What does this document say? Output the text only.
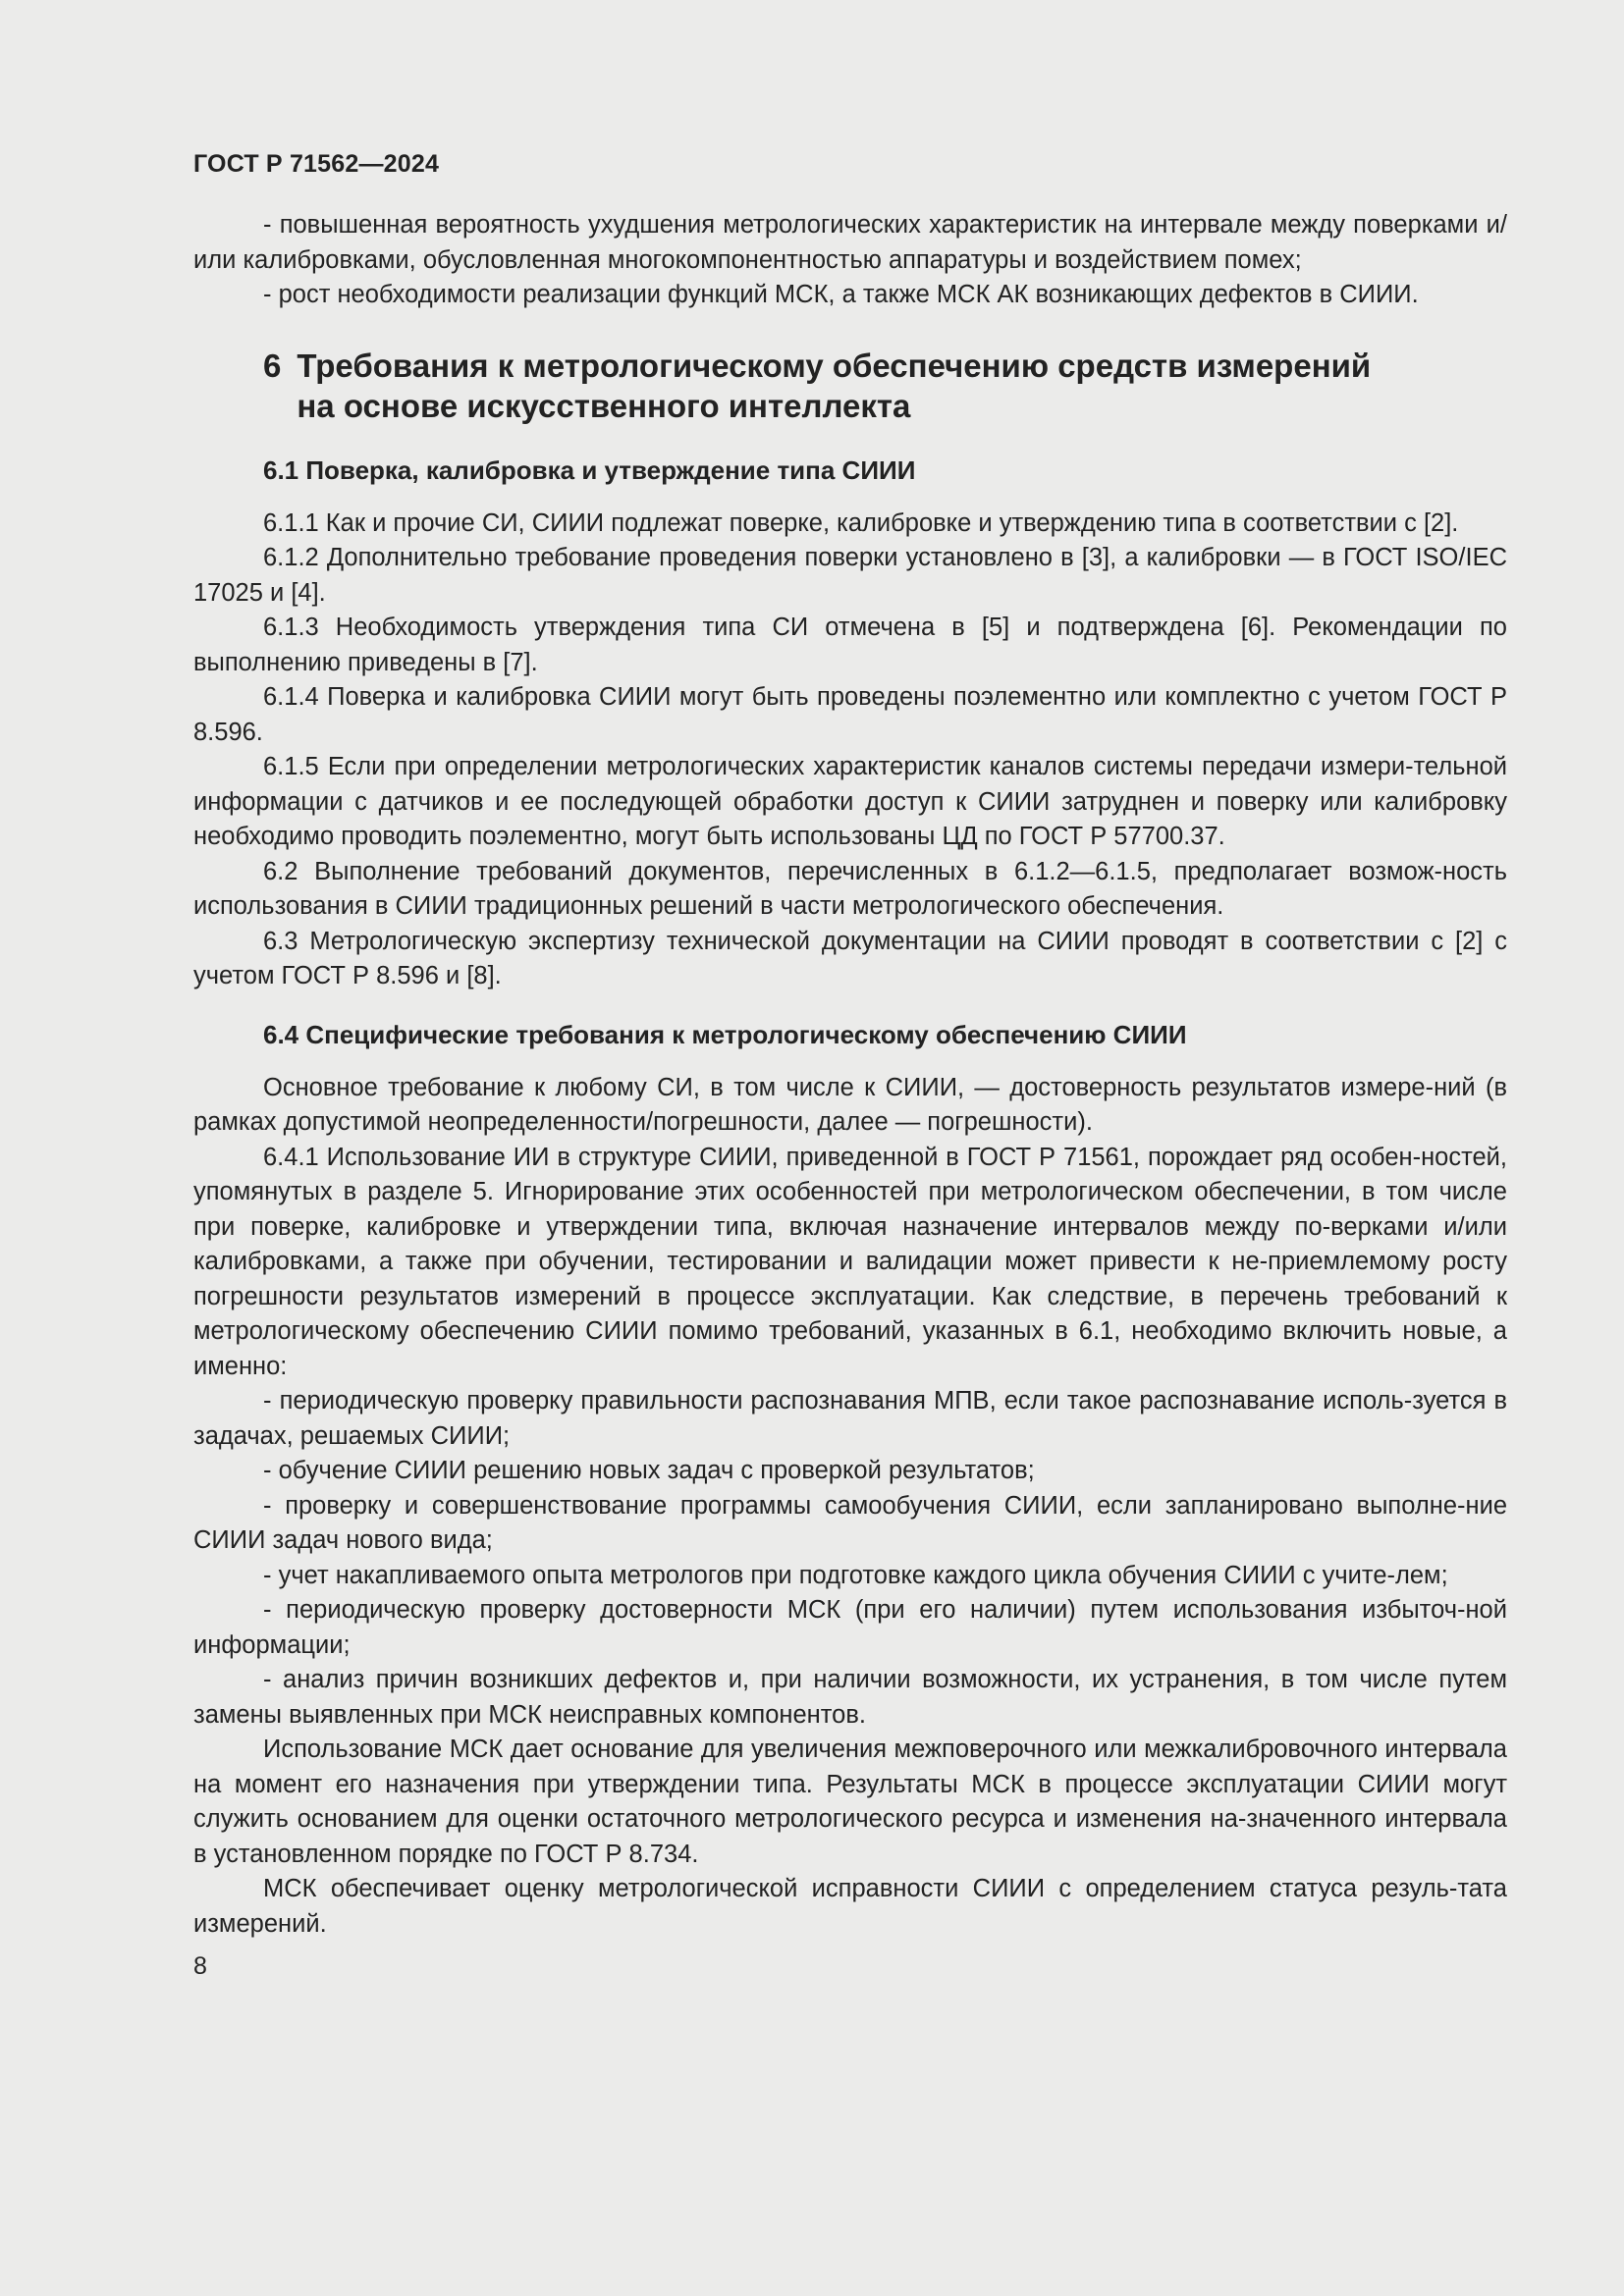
ГОСТ Р 71562—2024

- повышенная вероятность ухудшения метрологических характеристик на интервале между поверками и/или калибровками, обусловленная многокомпонентностью аппаратуры и воздействием помех;

- рост необходимости реализации функций МСК, а также МСК АК возникающих дефектов в СИИИ.

6 Требования к метрологическому обеспечению средств измерений
на основе искусственного интеллекта
6.1 Поверка, калибровка и утверждение типа СИИИ

6.1.1 Как и прочие СИ, СИИИ подлежат поверке, калибровке и утверждению типа в соответствии с [2].

6.1.2 Дополнительно требование проведения поверки установлено в [3], а калибровки — в ГОСТ ISO/IEC 17025 и [4].

6.1.3 Необходимость утверждения типа СИ отмечена в [5] и подтверждена [6]. Рекомендации по выполнению приведены в [7].

6.1.4 Поверка и калибровка СИИИ могут быть проведены поэлементно или комплектно с учетом ГОСТ Р 8.596.

6.1.5 Если при определении метрологических характеристик каналов системы передачи измери-тельной информации с датчиков и ее последующей обработки доступ к СИИИ затруднен и поверку или калибровку необходимо проводить поэлементно, могут быть использованы ЦД по ГОСТ Р 57700.37.

6.2 Выполнение требований документов, перечисленных в 6.1.2—6.1.5, предполагает возмож-ность использования в СИИИ традиционных решений в части метрологического обеспечения.

6.3 Метрологическую экспертизу технической документации на СИИИ проводят в соответствии с [2] с учетом ГОСТ Р 8.596 и [8].

6.4 Специфические требования к метрологическому обеспечению СИИИ

Основное требование к любому СИ, в том числе к СИИИ, — достоверность результатов измере-ний (в рамках допустимой неопределенности/погрешности, далее — погрешности).

6.4.1 Использование ИИ в структуре СИИИ, приведенной в ГОСТ Р 71561, порождает ряд особен-ностей, упомянутых в разделе 5. Игнорирование этих особенностей при метрологическом обеспечении, в том числе при поверке, калибровке и утверждении типа, включая назначение интервалов между по-верками и/или калибровками, а также при обучении, тестировании и валидации может привести к не-приемлемому росту погрешности результатов измерений в процессе эксплуатации. Как следствие, в перечень требований к метрологическому обеспечению СИИИ помимо требований, указанных в 6.1, необходимо включить новые, а именно:

- периодическую проверку правильности распознавания МПВ, если такое распознавание исполь-зуется в задачах, решаемых СИИИ;

- обучение СИИИ решению новых задач с проверкой результатов;

- проверку и совершенствование программы самообучения СИИИ, если запланировано выполне-ние СИИИ задач нового вида;

- учет накапливаемого опыта метрологов при подготовке каждого цикла обучения СИИИ с учите-лем;

- периодическую проверку достоверности МСК (при его наличии) путем использования избыточ-ной информации;

- анализ причин возникших дефектов и, при наличии возможности, их устранения, в том числе путем замены выявленных при МСК неисправных компонентов.

Использование МСК дает основание для увеличения межповерочного или межкалибровочного интервала на момент его назначения при утверждении типа. Результаты МСК в процессе эксплуатации СИИИ могут служить основанием для оценки остаточного метрологического ресурса и изменения на-значенного интервала в установленном порядке по ГОСТ Р 8.734.

МСК обеспечивает оценку метрологической исправности СИИИ с определением статуса резуль-тата измерений.

8
